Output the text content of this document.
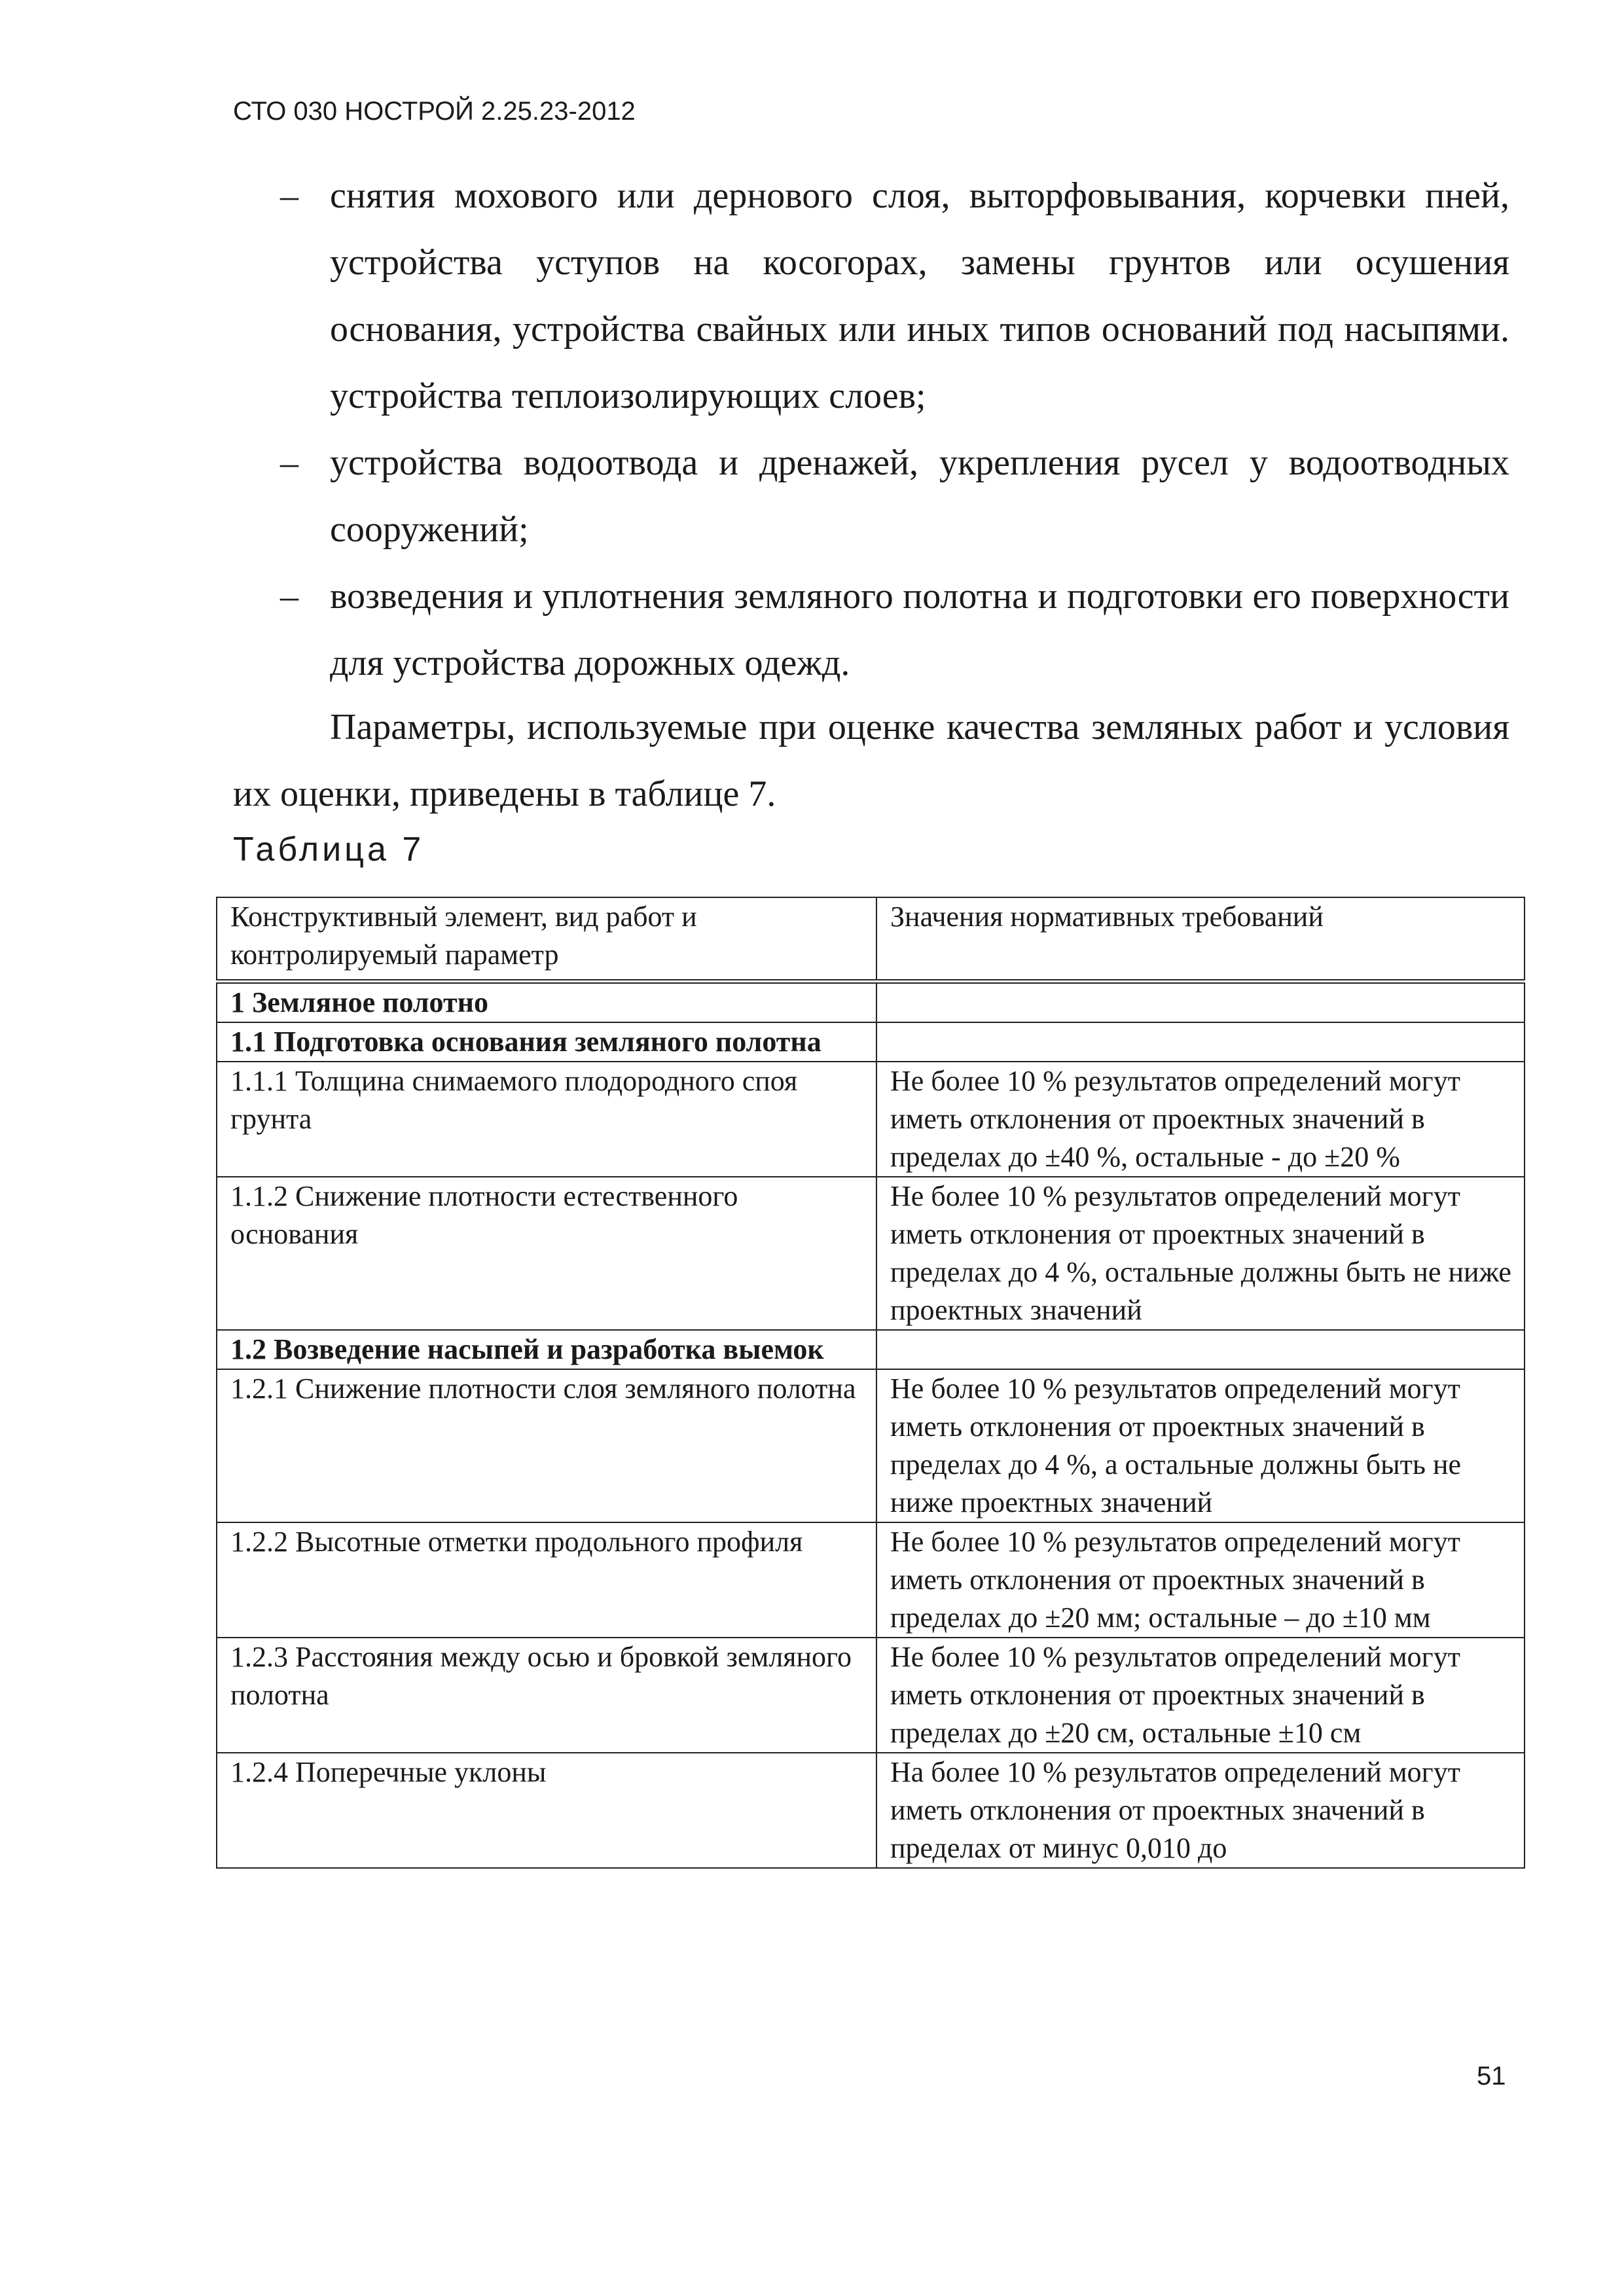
СТО 030 НОСТРОЙ 2.25.23-2012
– снятия мохового или дернового слоя, выторфовывания, корчевки пней, устройства уступов на косогорах, замены грунтов или осушения основания, устройства свайных или иных типов оснований под насыпями. устройства теплоизолирующих слоев;
– устройства водоотвода и дренажей, укрепления русел у водоотводных сооружений;
– возведения и уплотнения земляного полотна и подготовки его поверхности для устройства дорожных одежд.
Параметры, используемые при оценке качества земляных работ и условия их оценки, приведены в таблице 7.
Таблица 7
Конструктивный элемент, вид работ и контролируемый параметр	Значения нормативных требований
1 Земляное полотно	
1.1 Подготовка основания земляного полотна	
1.1.1 Толщина снимаемого плодородного споя грунта	Не более 10 % результатов определений могут иметь отклонения от проектных значений в пределах до ±40 %, остальные - до ±20 %
1.1.2 Снижение плотности естественного основания	Не более 10 % результатов определений могут иметь отклонения от проектных значений в пределах до 4 %, остальные должны быть не ниже проектных значений
1.2 Возведение насыпей и разработка выемок	
1.2.1 Снижение плотности слоя земляного полотна	Не более 10 % результатов определений могут иметь отклонения от проектных значений в пределах до 4 %, а остальные должны быть не ниже проектных значений
1.2.2 Высотные отметки продольного профиля	Не более 10 % результатов определений могут иметь отклонения от проектных значений в пределах до ±20 мм; остальные – до ±10 мм
1.2.3 Расстояния между осью и бровкой земляного полотна	Не более 10 % результатов определений могут иметь отклонения от проектных значений в пределах до ±20 см, остальные ±10 см
1.2.4 Поперечные уклоны	На более 10 % результатов определений могут иметь отклонения от проектных значений в пределах от минус 0,010 до
51
